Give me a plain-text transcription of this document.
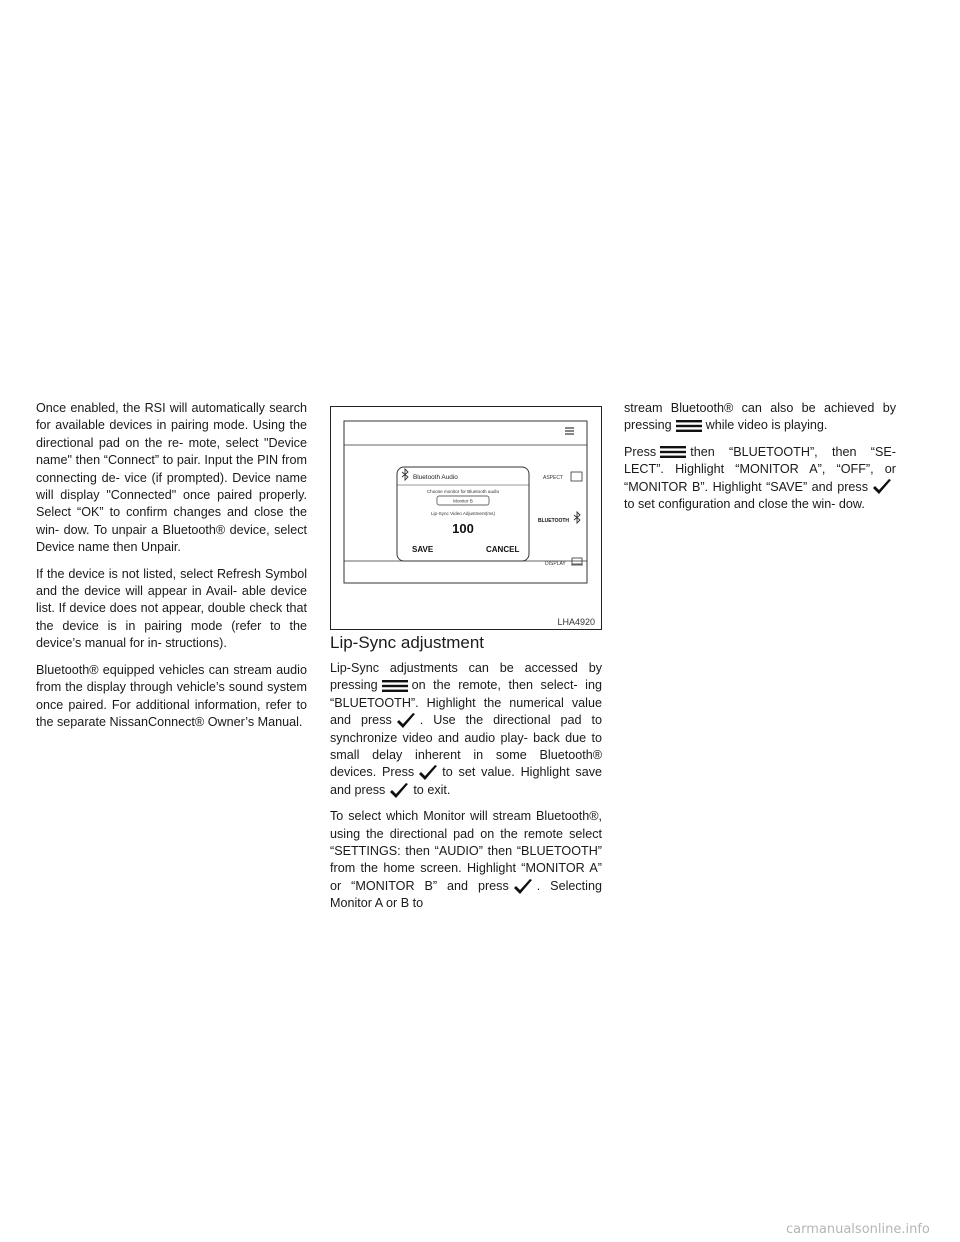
Once enabled, the RSI will automatically search for available devices in pairing mode. Using the directional pad on the re- mote, select "Device name" then “Connect” to pair. Input the PIN from connecting de- vice (if prompted). Device name will display "Connected" once paired properly. Select “OK” to confirm changes and close the win- dow. To unpair a Bluetooth® device, select Device name then Unpair.

If the device is not listed, select Refresh Symbol and the device will appear in Avail- able device list. If device does not appear, double check that the device is in pairing mode (refer to the device’s manual for in- structions).

Bluetooth® equipped vehicles can stream audio from the display through vehicle’s sound system once paired. For additional information, refer to the separate NissanConnect® Owner’s Manual.

Bluetooth Audio
Choose monitor for Bluetooth audio
Monitor B
Lip-Sync Video Adjustment(ms)
100
SAVE	CANCEL
ASPECT
BLUETOOTH
DISPLAY
LHA4920
Lip-Sync adjustment

Lip-Sync adjustments can be accessed by pressing	on the remote, then select- ing “BLUETOOTH”. Highlight the numerical value and press . Use the directional pad to synchronize video and audio play- back due to small delay inherent in some Bluetooth® devices. Press to set value. Highlight save and press to exit.

To select which Monitor will stream Bluetooth®, using the directional pad on the remote select “SETTINGS: then “AUDIO” then “BLUETOOTH” from the home screen. Highlight “MONITOR A” or “MONITOR B” and press . Selecting Monitor A or B to

stream Bluetooth® can also be achieved by pressing	while video is playing.

Press	then “BLUETOOTH”, then “SE- LECT”. Highlight “MONITOR A”, “OFF”, or “MONITOR B”. Highlight “SAVE” and pressto set configuration and close the win- dow.

carmanualsonline.info
